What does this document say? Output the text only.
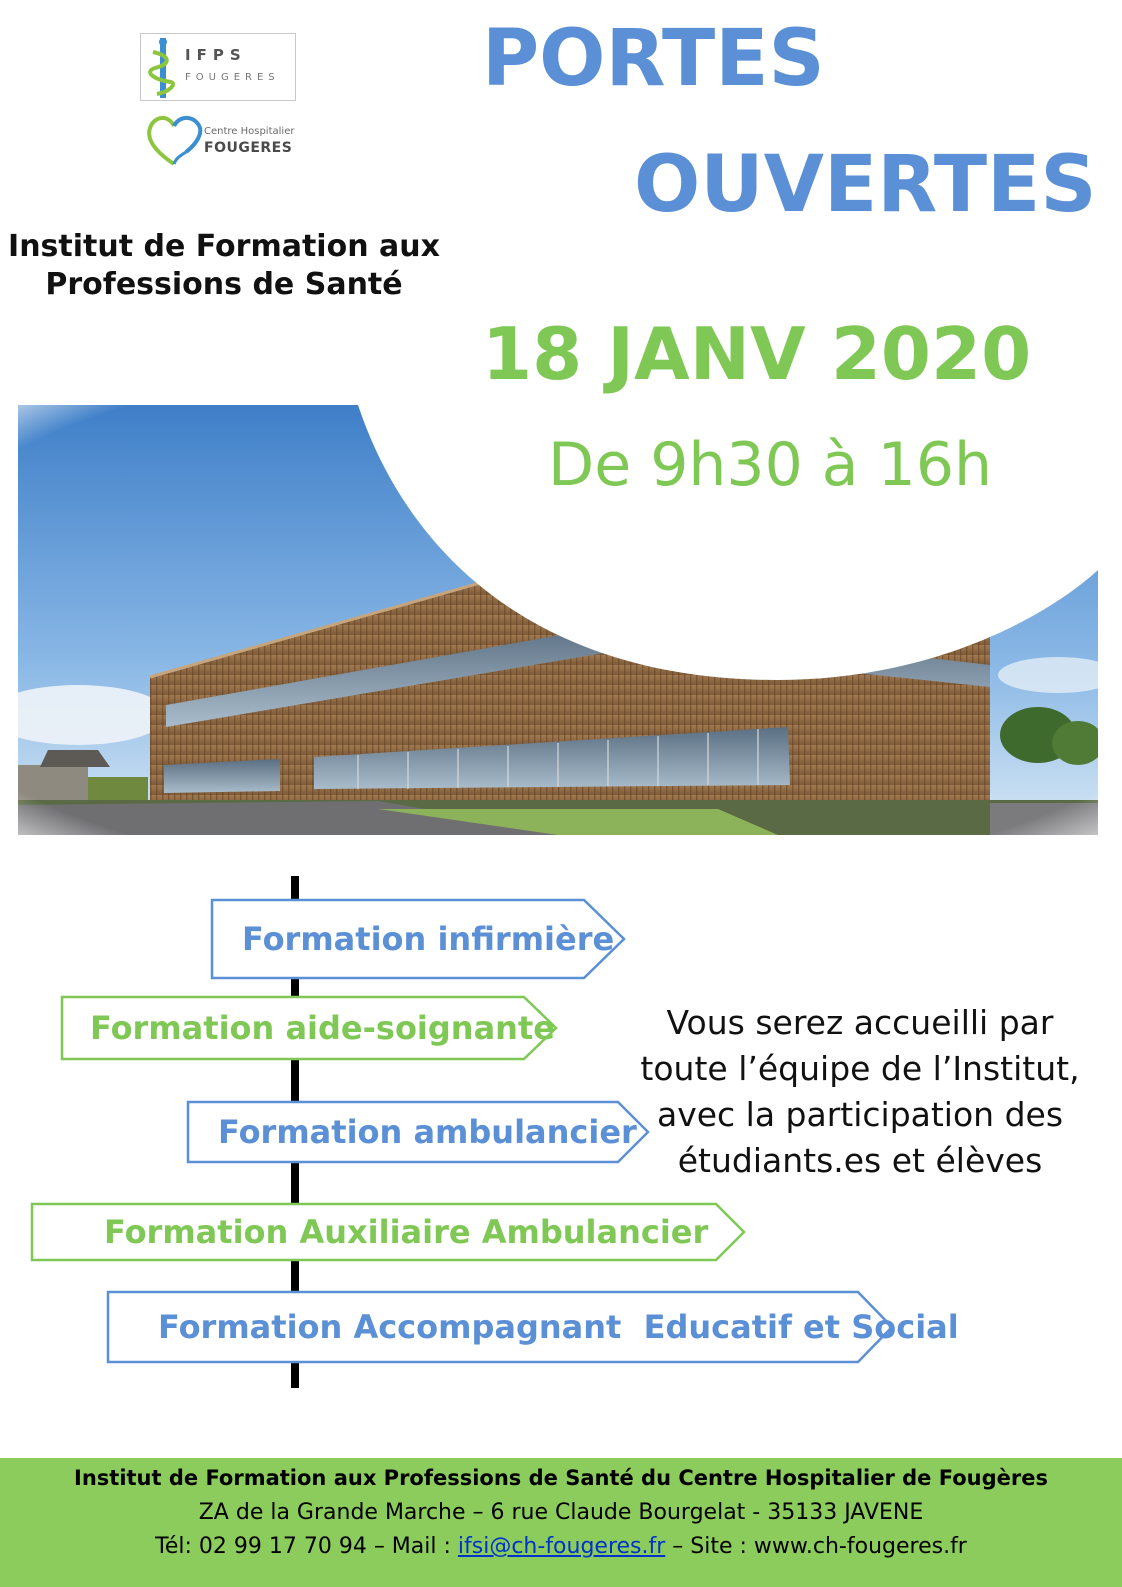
IFPS
FOUGERES
Centre Hospitalier
FOUGERES
Institut de Formation aux
Professions de Santé
PORTES
OUVERTES
18 JANV 2020
De 9h30 à 16h
Formation infirmière
Formation aide-soignante
Formation ambulancier
Formation Auxiliaire Ambulancier
Formation Accompagnant  Educatif et Social
Vous serez accueilli par
toute l’équipe de l’Institut,
avec la participation des
étudiants.es et élèves
Institut de Formation aux Professions de Santé du Centre Hospitalier de Fougères
ZA de la Grande Marche – 6 rue Claude Bourgelat - 35133 JAVENE
Tél: 02 99 17 70 94 – Mail : ifsi@ch-fougeres.fr – Site : www.ch-fougeres.fr
